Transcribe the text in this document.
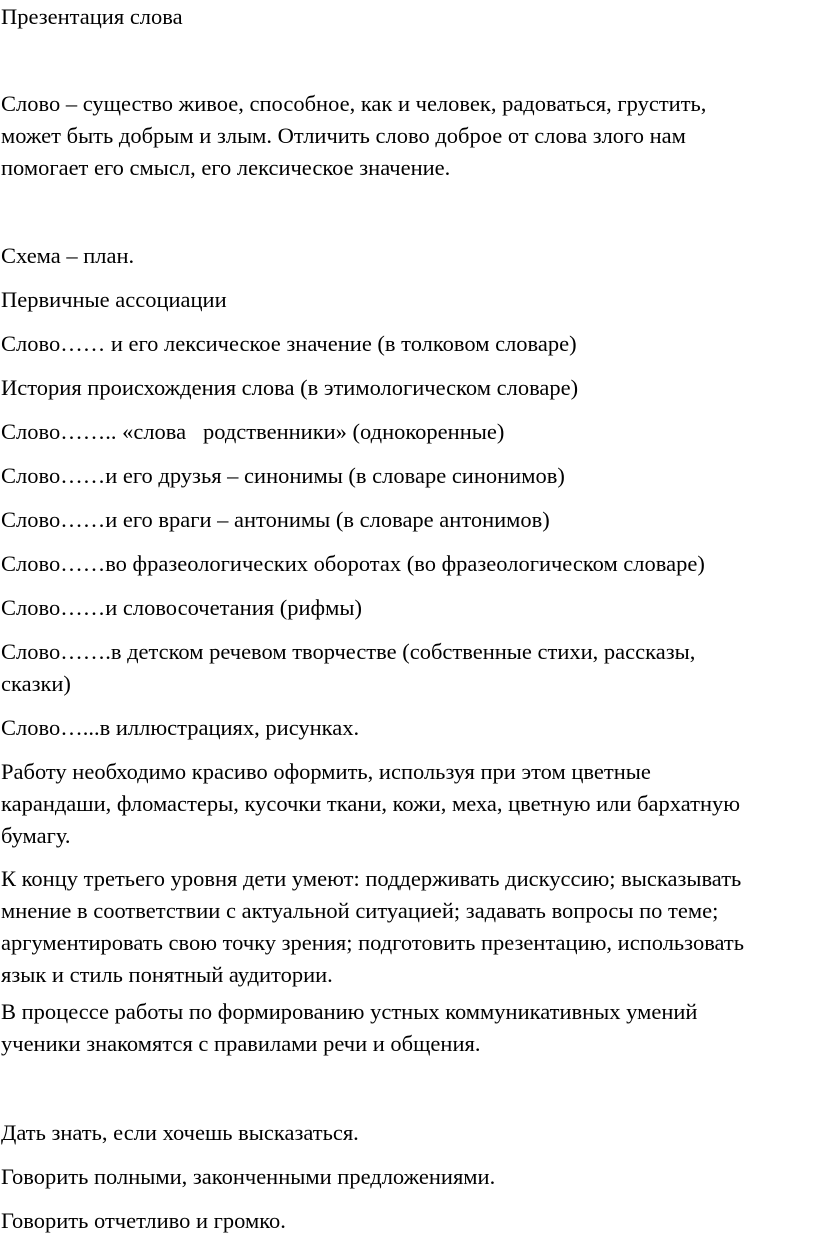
Презентация слова

Слово – существо живое, способное, как и человек, радоваться, грустить,

может быть добрым и злым. Отличить слово доброе от слова злого нам

помогает его смысл, его лексическое значение.

Схема – план.

Первичные ассоциации

Слово…… и его лексическое значение (в толковом словаре)

История происхождения слова (в этимологическом словаре)

Слово…….. «слова   родственники» (однокоренные)

Слово……и его друзья – синонимы (в словаре синонимов)

Слово……и его враги – антонимы (в словаре антонимов)

Слово……во фразеологических оборотах (во фразеологическом словаре)

Слово……и словосочетания (рифмы)

Слово…….в детском речевом творчестве (собственные стихи, рассказы,

сказки)

Слово…...в иллюстрациях, рисунках.

Работу необходимо красиво оформить, используя при этом цветные

карандаши, фломастеры, кусочки ткани, кожи, меха, цветную или бархатную

бумагу.

К концу третьего уровня дети умеют: поддерживать дискуссию; высказывать

мнение в соответствии с актуальной ситуацией; задавать вопросы по теме;

аргументировать свою точку зрения; подготовить презентацию, использовать

язык и стиль понятный аудитории.

В процессе работы по формированию устных коммуникативных умений

ученики знакомятся с правилами речи и общения.

Дать знать, если хочешь высказаться.

Говорить полными, законченными предложениями.

Говорить отчетливо и громко.
